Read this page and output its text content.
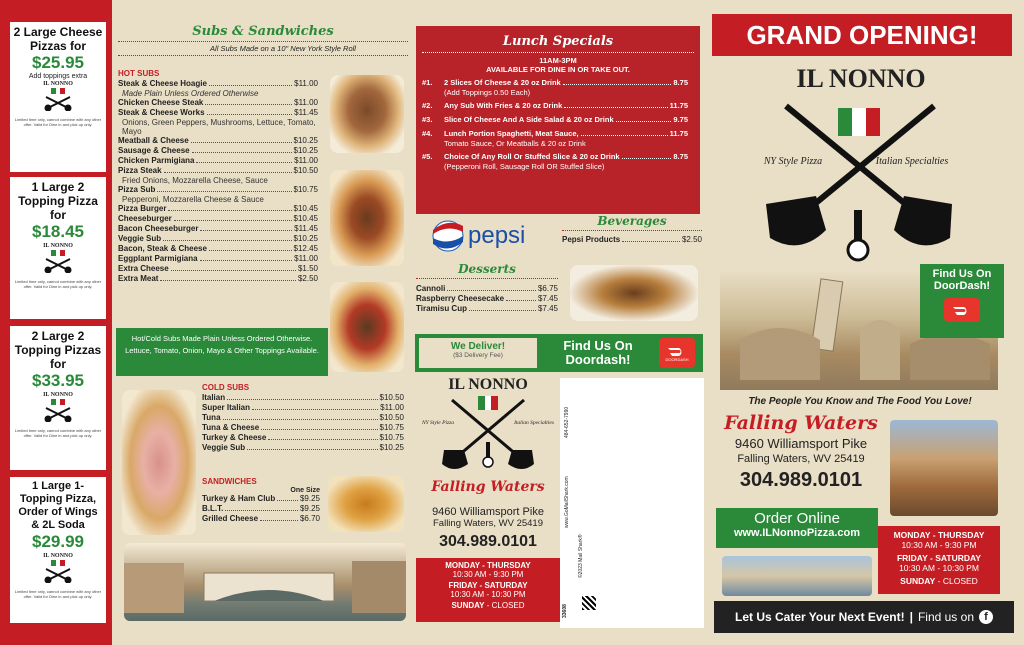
2 Large Cheese Pizzas for
$25.95
Add toppings extra
IL NONNO
Limited time only, cannot combine with any other offer. Valid for Dine in and pick up only.
1 Large 2 Topping Pizza for
$18.45
IL NONNO
Limited time only, cannot combine with any other offer. Valid for Dine in and pick up only.
2 Large 2 Topping Pizzas for
$33.95
IL NONNO
Limited time only, cannot combine with any other offer. Valid for Dine in and pick up only.
1 Large 1-Topping Pizza, Order of Wings & 2L Soda
$29.99
IL NONNO
Limited time only, cannot combine with any other offer. Valid for Dine in and pick up only.
Subs & Sandwiches
All Subs Made on a 10" New York Style Roll
HOT SUBS
Steak & Cheese Hoagie	$11.00
Made Plain Unless Ordered Otherwise
Chicken Cheese Steak	$11.00
Steak & Cheese Works	$11.45
Onions, Green Peppers, Mushrooms, Lettuce, Tomato, Mayo
Meatball & Cheese	$10.25
Sausage & Cheese	$10.25
Chicken Parmigiana	$11.00
Pizza Steak	$10.50
Fried Onions, Mozzarella Cheese, Sauce
Pizza Sub	$10.75
Pepperoni, Mozzarella Cheese & Sauce
Pizza Burger	$10.45
Cheeseburger	$10.45
Bacon Cheeseburger	$11.45
Veggie Sub	$10.25
Bacon, Steak & Cheese	$12.45
Eggplant Parmigiana	$11.00
Extra Cheese	$1.50
Extra Meat	$2.50
Hot/Cold Subs Made Plain Unless Ordered Otherwise.
Lettuce, Tomato, Onion, Mayo & Other Toppings Available.
COLD SUBS
Italian	$10.50
Super Italian	$11.00
Tuna	$10.50
Tuna & Cheese	$10.75
Turkey & Cheese	$10.75
Veggie Sub	$10.25
SANDWICHES
One Size
Turkey & Ham Club	$9.25
B.L.T.	$9.25
Grilled Cheese	$6.70
Lunch Specials
11AM-3PM
AVAILABLE FOR DINE IN OR TAKE OUT.
#1.	2 Slices Of Cheese & 20 oz Drink	8.75
(Add Toppings 0.50 Each)
#2.	Any Sub With Fries & 20 oz Drink	11.75
#3.	Slice Of Cheese And A Side Salad & 20 oz Drink	9.75
#4.	Lunch Portion Spaghetti, Meat Sauce,	11.75
Tomato Sauce, Or Meatballs & 20 oz Drink
#5.	Choice Of Any Roll Or Stuffed Slice & 20 oz Drink	8.75
(Pepperoni Roll, Sausage Roll OR Stuffed Slice)
pepsi
Beverages
Pepsi Products	$2.50
Desserts
Cannoli	$6.75
Raspberry Cheesecake	$7.45
Tiramisu Cup	$7.45
We Deliver!
($3 Delivery Fee)
Find Us On Doordash!	DOORDASH
IL NONNO
NY Style Pizza	Italian Specialties
Falling Waters
9460 Williamsport Pike
Falling Waters, WV 25419
304.989.0101
MONDAY - THURSDAY
10:30 AM - 9:30 PM
FRIDAY - SATURDAY
10:30 AM - 10:30 PM
SUNDAY - CLOSED
©2023 Mail Shark®
www.GoMailShark.com
484-652-7990
33608
GRAND OPENING!
IL NONNO
NY Style Pizza	Italian Specialties
Find Us On DoorDash!
The People You Know and The Food You Love!
Falling Waters
9460 Williamsport Pike
Falling Waters, WV 25419
304.989.0101
Order Online
www.ILNonnoPizza.com	MONDAY - THURSDAY
10:30 AM - 9:30 PM
FRIDAY - SATURDAY
10:30 AM - 10:30 PM
SUNDAY - CLOSED
Let Us Cater Your Next Event! | Find us on f
